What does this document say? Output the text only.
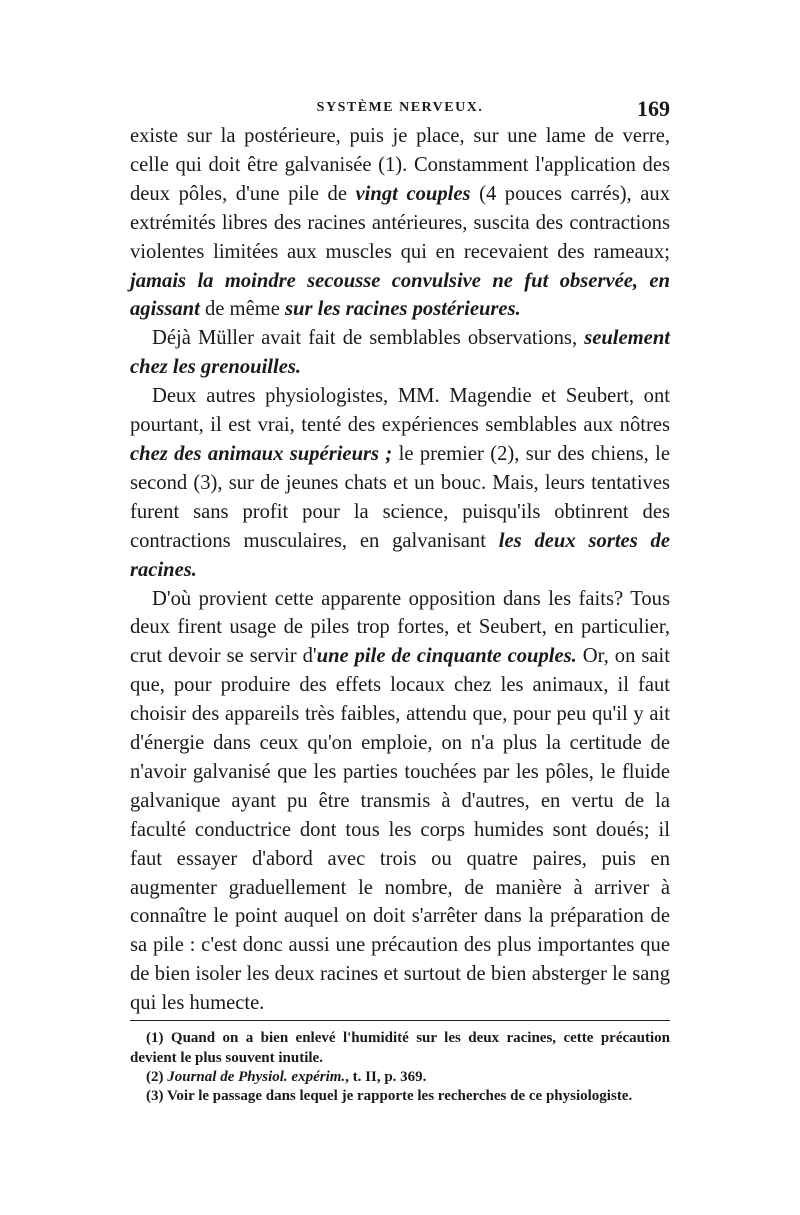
SYSTÈME NERVEUX.	169

existe sur la postérieure, puis je place, sur une lame de verre, celle qui doit être galvanisée (1). Constamment l'application des deux pôles, d'une pile de vingt couples (4 pouces carrés), aux extrémités libres des racines antérieures, suscita des contractions violentes limitées aux muscles qui en recevaient des rameaux; jamais la moindre secousse convulsive ne fut observée, en agissant de même sur les racines postérieures.

Déjà Müller avait fait de semblables observations, seulement chez les grenouilles.

Deux autres physiologistes, MM. Magendie et Seubert, ont pourtant, il est vrai, tenté des expériences semblables aux nôtres chez des animaux supérieurs ; le premier (2), sur des chiens, le second (3), sur de jeunes chats et un bouc. Mais, leurs tentatives furent sans profit pour la science, puisqu'ils obtinrent des contractions musculaires, en galvanisant les deux sortes de racines.

D'où provient cette apparente opposition dans les faits? Tous deux firent usage de piles trop fortes, et Seubert, en particulier, crut devoir se servir d'une pile de cinquante couples. Or, on sait que, pour produire des effets locaux chez les animaux, il faut choisir des appareils très faibles, attendu que, pour peu qu'il y ait d'énergie dans ceux qu'on emploie, on n'a plus la certitude de n'avoir galvanisé que les parties touchées par les pôles, le fluide galvanique ayant pu être transmis à d'autres, en vertu de la faculté conductrice dont tous les corps humides sont doués; il faut essayer d'abord avec trois ou quatre paires, puis en augmenter graduellement le nombre, de manière à arriver à connaître le point auquel on doit s'arrêter dans la préparation de sa pile : c'est donc aussi une précaution des plus importantes que de bien isoler les deux racines et surtout de bien absterger le sang qui les humecte.

(1) Quand on a bien enlevé l'humidité sur les deux racines, cette précaution devient le plus souvent inutile.

(2) Journal de Physiol. expérim., t. II, p. 369.

(3) Voir le passage dans lequel je rapporte les recherches de ce physiologiste.
